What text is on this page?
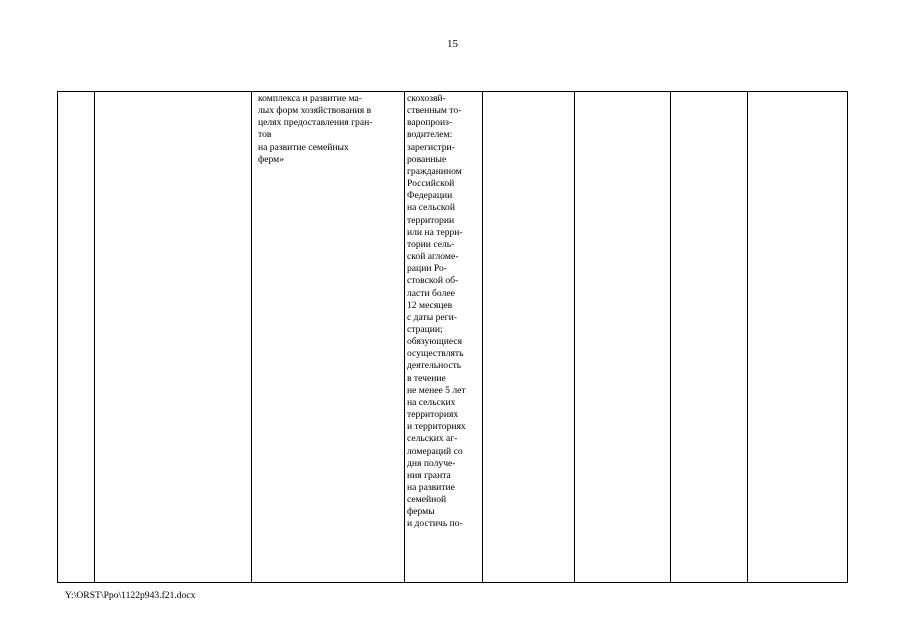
15

комплекса и развитие ма-
лых форм хозяйствования в
целях предоставления гран-
тов
на развитие семейных
ферм»

скохозяй-
ственным то-
варопроиз-
водителем:
зарегистри-
рованные
гражданином
Российской
Федерации
на сельской
территории
или на терри-
тории сель-
ской агломе-
рации Ро-
стовской об-
ласти более
12 месяцев
с даты реги-
страции;
обязующиеся
осуществлять
деятельность
в течение
не менее 5 лет
на сельских
территориях
и территориях
сельских аг-
ломераций со
дня получе-
ния гранта
на развитие
семейной
фермы
и достичь по-

Y:\ORST\Ppo\1122p943.f21.docx
